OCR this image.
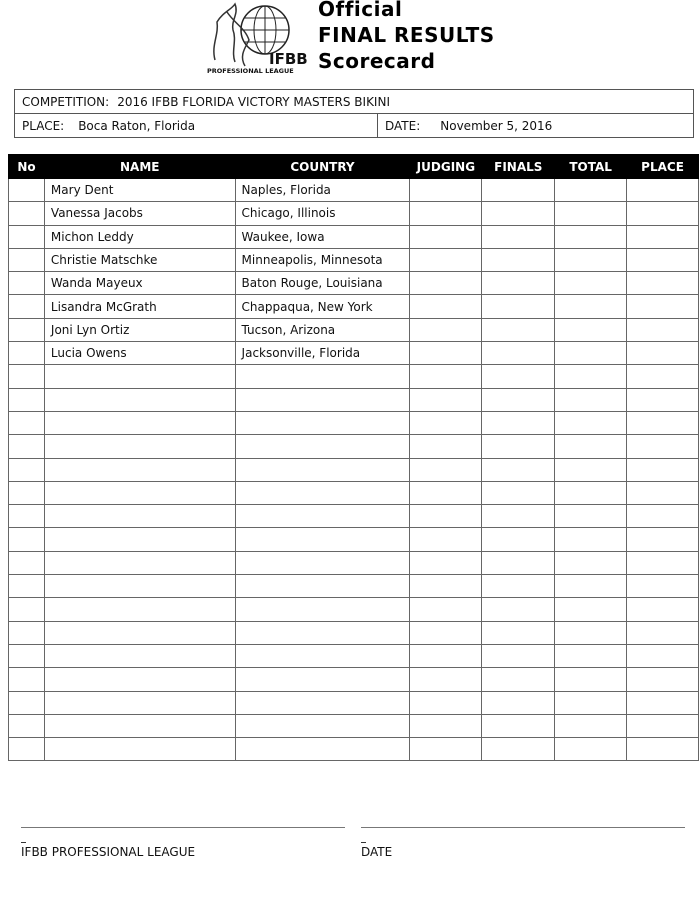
IFBB
PROFESSIONAL LEAGUE
Official
FINAL RESULTS
Scorecard
COMPETITION: 2016 IFBB FLORIDA VICTORY MASTERS BIKINI
PLACE: Boca Raton, Florida	DATE: November 5, 2016
No	NAME	COUNTRY	JUDGING	FINALS	TOTAL	PLACE
	Mary Dent	Naples, Florida				
	Vanessa Jacobs	Chicago, Illinois				
	Michon Leddy	Waukee, Iowa				
	Christie Matschke	Minneapolis, Minnesota				
	Wanda Mayeux	Baton Rouge, Louisiana				
	Lisandra McGrath	Chappaqua, New York				
	Joni Lyn Ortiz	Tucson, Arizona				
	Lucia Owens	Jacksonville, Florida				

IFBB PROFESSIONAL LEAGUE	DATE
